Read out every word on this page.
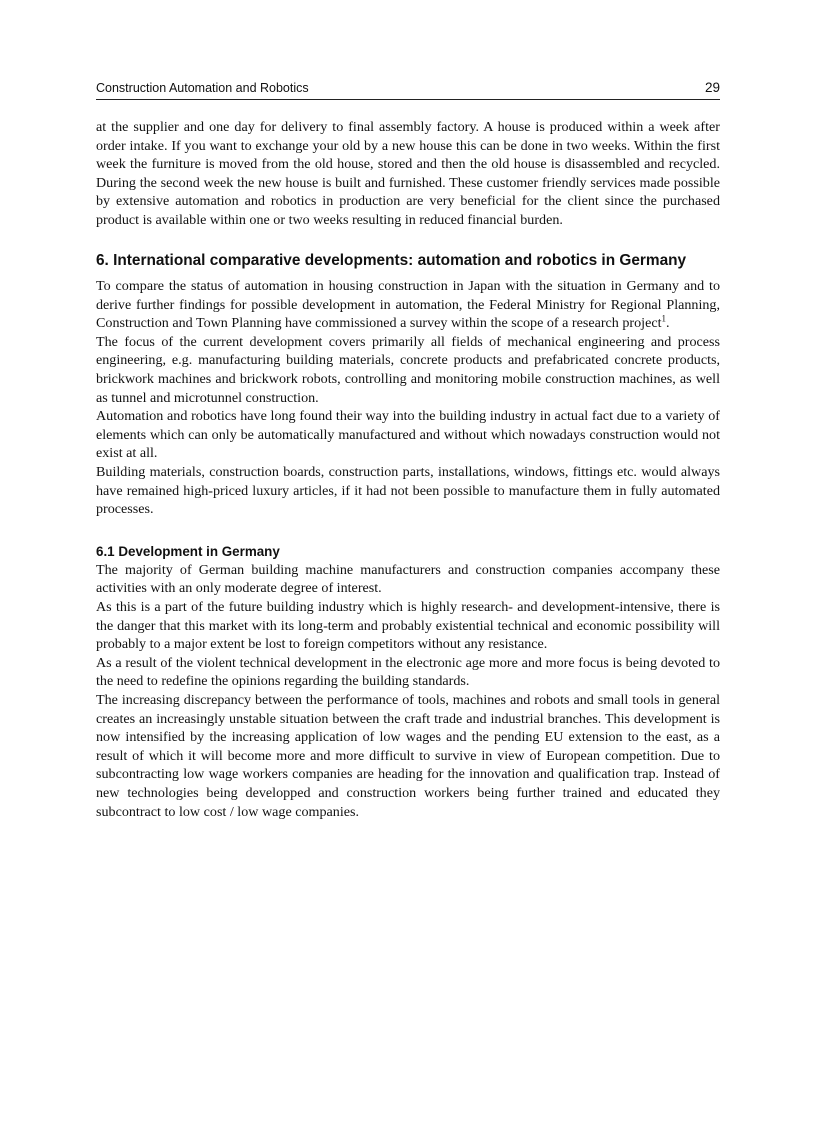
Construction Automation and Robotics	29

at the supplier and one day for delivery to final assembly factory. A house is produced within a week after order intake. If you want to exchange your old by a new house this can be done in two weeks. Within the first week the furniture is moved from the old house, stored and then the old house is disassembled and recycled. During the second week the new house is built and furnished. These customer friendly services made possible by extensive automation and robotics in production are very beneficial for the client since the purchased product is available within one or two weeks resulting in reduced financial burden.

6. International comparative developments: automation and robotics in Germany

To compare the status of automation in housing construction in Japan with the situation in Germany and to derive further findings for possible development in automation, the Federal Ministry for Regional Planning, Construction and Town Planning have commissioned a survey within the scope of a research project$^1$.

The focus of the current development covers primarily all fields of mechanical engineering and process engineering, e.g. manufacturing building materials, concrete products and prefabricated concrete products, brickwork machines and brickwork robots, controlling and monitoring mobile construction machines, as well as tunnel and microtunnel construction.

Automation and robotics have long found their way into the building industry in actual fact due to a variety of elements which can only be automatically manufactured and without which nowadays construction would not exist at all.

Building materials, construction boards, construction parts, installations, windows, fittings etc. would always have remained high-priced luxury articles, if it had not been possible to manufacture them in fully automated processes.

6.1 Development in Germany

The majority of German building machine manufacturers and construction companies accompany these activities with an only moderate degree of interest.

As this is a part of the future building industry which is highly research- and development-intensive, there is the danger that this market with its long-term and probably existential technical and economic possibility will probably to a major extent be lost to foreign competitors without any resistance.

As a result of the violent technical development in the electronic age more and more focus is being devoted to the need to redefine the opinions regarding the building standards.

The increasing discrepancy between the performance of tools, machines and robots and small tools in general creates an increasingly unstable situation between the craft trade and industrial branches. This development is now intensified by the increasing application of low wages and the pending EU extension to the east, as a result of which it will become more and more difficult to survive in view of European competition. Due to subcontracting low wage workers companies are heading for the innovation and qualification trap. Instead of new technologies being developped and construction workers being further trained and educated they subcontract to low cost / low wage companies.
